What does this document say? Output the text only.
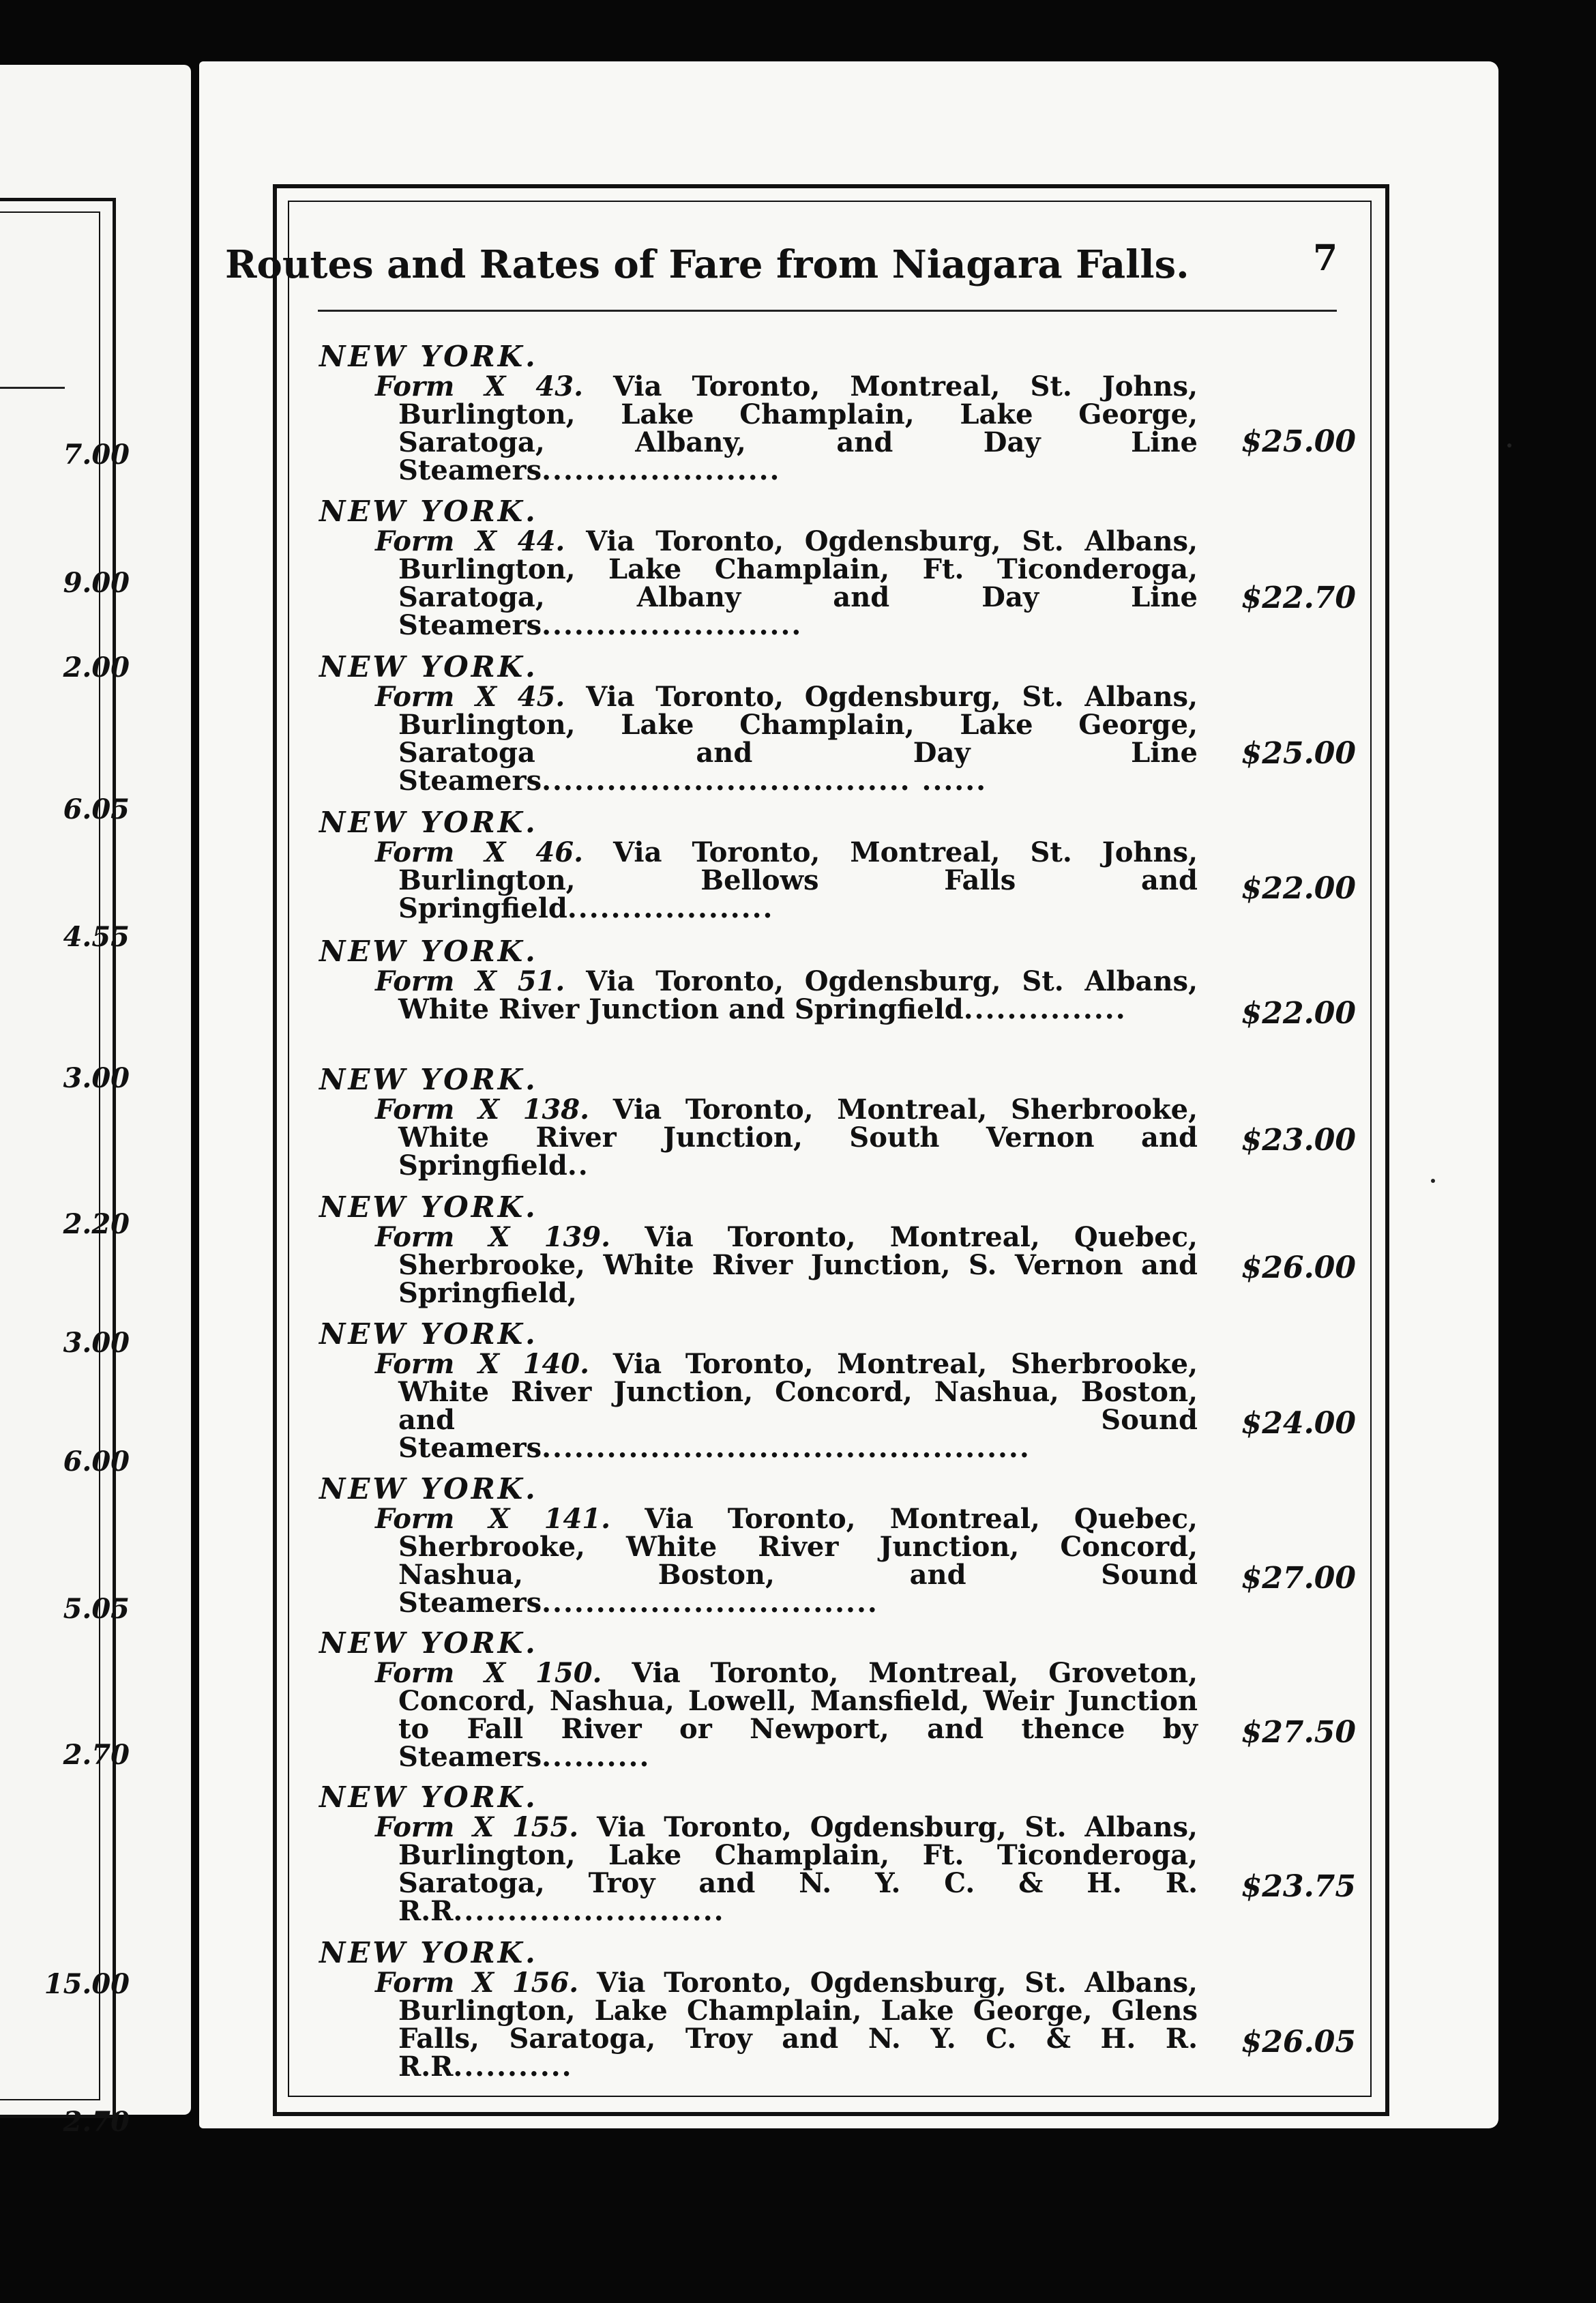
7.00
9.00
2.00
6.05
4.55
3.00
2.20
3.00
6.00
5.05
2.70
15.00
2.70
Routes and Rates of Fare from Niagara Falls.	7
NEW YORK.
Form X 43. Via Toronto, Montreal, St. Johns, Burlington, Lake Champlain, Lake George, Saratoga, Albany, and Day Line Steamers......................
$25.00
NEW YORK.
Form X 44. Via Toronto, Ogdensburg, St. Albans, Burlington, Lake Champlain, Ft. Ticonderoga, Saratoga, Albany and Day Line Steamers........................
$22.70
NEW YORK.
Form X 45. Via Toronto, Ogdensburg, St. Albans, Burlington, Lake Champlain, Lake George, Saratoga and Day Line Steamers.................................. ......
$25.00
NEW YORK.
Form X 46. Via Toronto, Montreal, St. Johns, Burlington, Bellows Falls and Springfield...................
$22.00
NEW YORK.
Form X 51. Via Toronto, Ogdensburg, St. Albans, White River Junction and Springfield...............	$22.00
NEW YORK.
Form X 138. Via Toronto, Montreal, Sherbrooke, White River Junction, South Vernon and Springfield..
$23.00
NEW YORK.
Form X 139. Via Toronto, Montreal, Quebec, Sherbrooke, White River Junction, S. Vernon and Springfield,
$26.00
NEW YORK.
Form X 140. Via Toronto, Montreal, Sherbrooke, White River Junction, Concord, Nashua, Boston, and Sound Steamers.............................................
$24.00
NEW YORK.
Form X 141. Via Toronto, Montreal, Quebec, Sherbrooke, White River Junction, Concord, Nashua, Boston, and Sound Steamers...............................
$27.00
NEW YORK.
Form X 150. Via Toronto, Montreal, Groveton, Concord, Nashua, Lowell, Mansfield, Weir Junction to Fall River or Newport, and thence by Steamers..........
$27.50
NEW YORK.
Form X 155. Via Toronto, Ogdensburg, St. Albans, Burlington, Lake Champlain, Ft. Ticonderoga, Saratoga, Troy and N. Y. C. & H. R. R.R.........................
$23.75
NEW YORK.
Form X 156. Via Toronto, Ogdensburg, St. Albans, Burlington, Lake Champlain, Lake George, Glens Falls, Saratoga, Troy and N. Y. C. & H. R. R.R...........
$26.05
